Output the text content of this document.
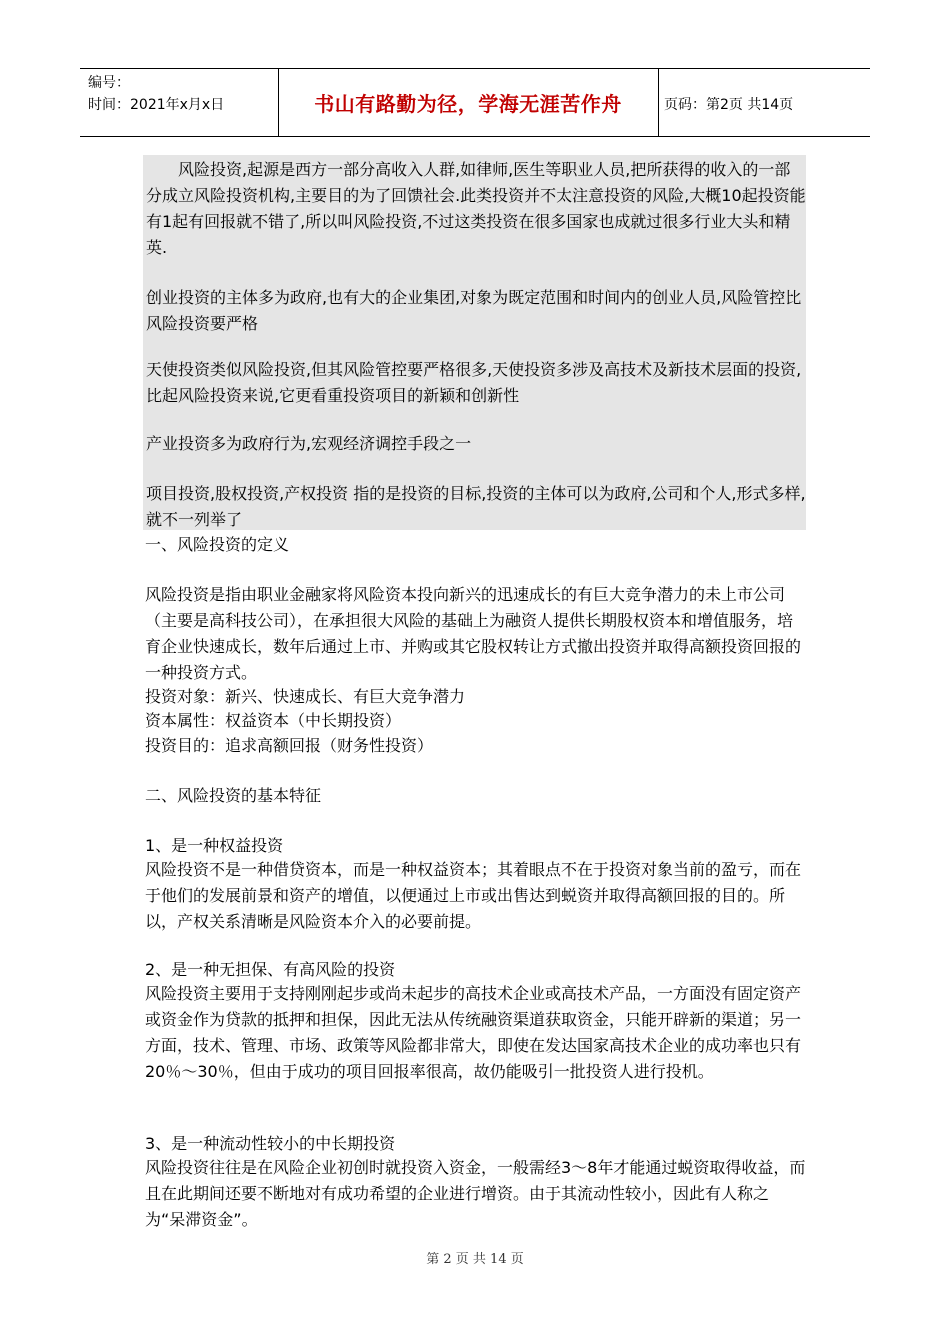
编号：
时间：2021年x月x日	书山有路勤为径，学海无涯苦作舟	页码：第2页 共14页

　　风险投资,起源是西方一部分高收入人群,如律师,医生等职业人员,把所获得的收入的一部分成立风险投资机构,主要目的为了回馈社会.此类投资并不太注意投资的风险,大概10起投资能有1起有回报就不错了,所以叫风险投资,不过这类投资在很多国家也成就过很多行业大头和精英.

创业投资的主体多为政府,也有大的企业集团,对象为既定范围和时间内的创业人员,风险管控比风险投资要严格

天使投资类似风险投资,但其风险管控要严格很多,天使投资多涉及高技术及新技术层面的投资,比起风险投资来说,它更看重投资项目的新颖和创新性

产业投资多为政府行为,宏观经济调控手段之一

项目投资,股权投资,产权投资 指的是投资的目标,投资的主体可以为政府,公司和个人,形式多样,就不一列举了

一、风险投资的定义

风险投资是指由职业金融家将风险资本投向新兴的迅速成长的有巨大竞争潜力的未上市公司（主要是高科技公司），在承担很大风险的基础上为融资人提供长期股权资本和增值服务，培育企业快速成长，数年后通过上市、并购或其它股权转让方式撤出投资并取得高额投资回报的一种投资方式。

投资对象：新兴、快速成长、有巨大竞争潜力
资本属性：权益资本（中长期投资）
投资目的：追求高额回报（财务性投资）
二、风险投资的基本特征
1、是一种权益投资

风险投资不是一种借贷资本，而是一种权益资本；其着眼点不在于投资对象当前的盈亏，而在于他们的发展前景和资产的增值，以便通过上市或出售达到蜕资并取得高额回报的目的。所以，产权关系清晰是风险资本介入的必要前提。

2、是一种无担保、有高风险的投资

风险投资主要用于支持刚刚起步或尚未起步的高技术企业或高技术产品，一方面没有固定资产或资金作为贷款的抵押和担保，因此无法从传统融资渠道获取资金，只能开辟新的渠道；另一方面，技术、管理、市场、政策等风险都非常大，即使在发达国家高技术企业的成功率也只有20％～30％，但由于成功的项目回报率很高，故仍能吸引一批投资人进行投机。

3、是一种流动性较小的中长期投资

风险投资往往是在风险企业初创时就投资入资金，一般需经3～8年才能通过蜕资取得收益，而且在此期间还要不断地对有成功希望的企业进行增资。由于其流动性较小，因此有人称之为“呆滞资金”。

第 2 页 共 14 页
